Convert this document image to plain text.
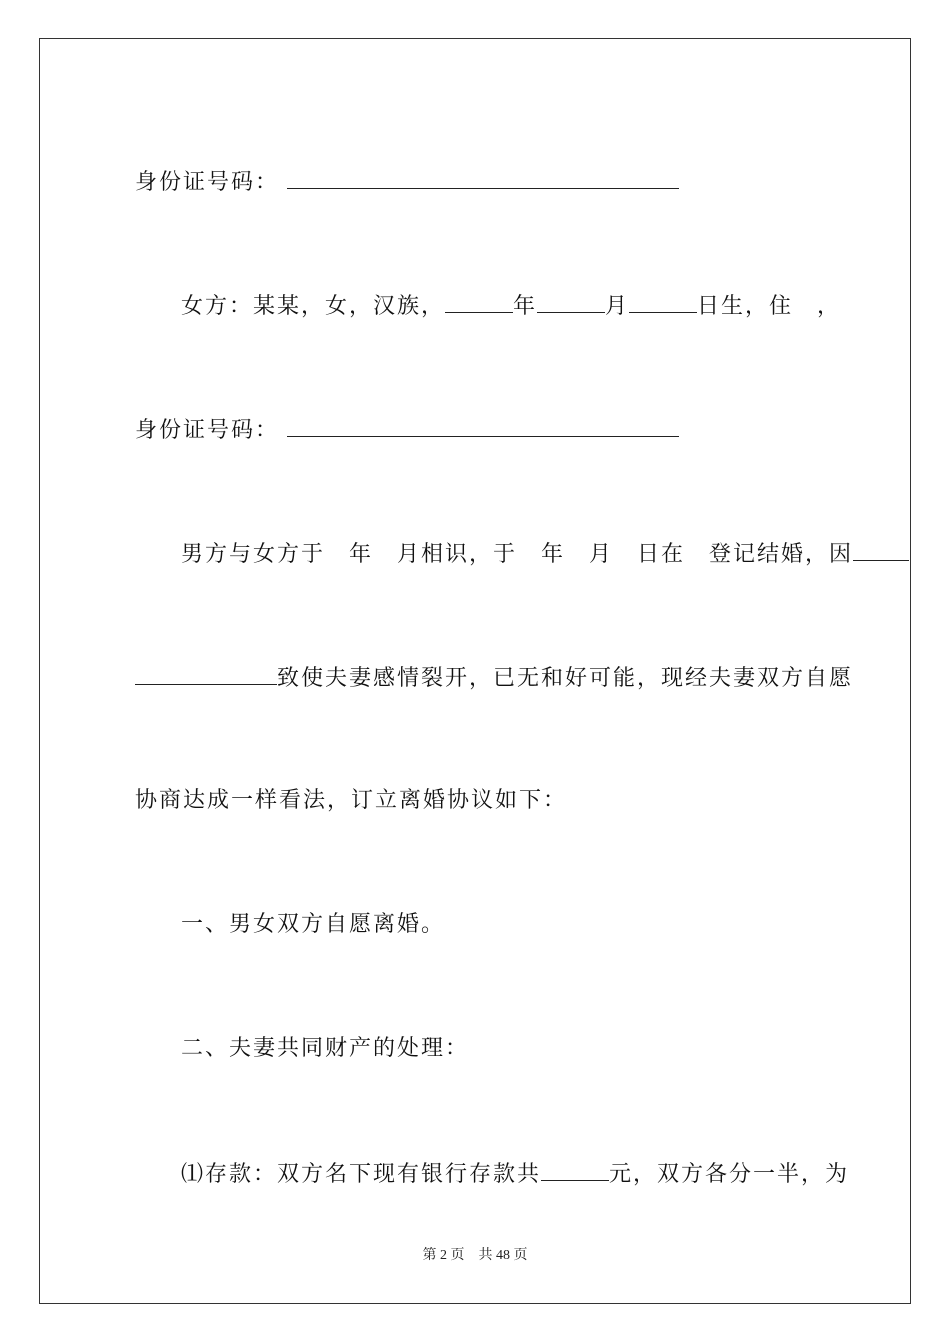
身份证号码：

女方：某某，女，汉族，	年	月	日生，住　，

身份证号码：

男方与女方于　年　月相识，于　年　月　日在　登记结婚，因

致使夫妻感情裂开，已无和好可能，现经夫妻双方自愿

协商达成一样看法，订立离婚协议如下：

一、男女双方自愿离婚。

二、夫妻共同财产的处理：

⑴存款：双方名下现有银行存款共	元，双方各分一半，为

第 2 页　共 48 页
